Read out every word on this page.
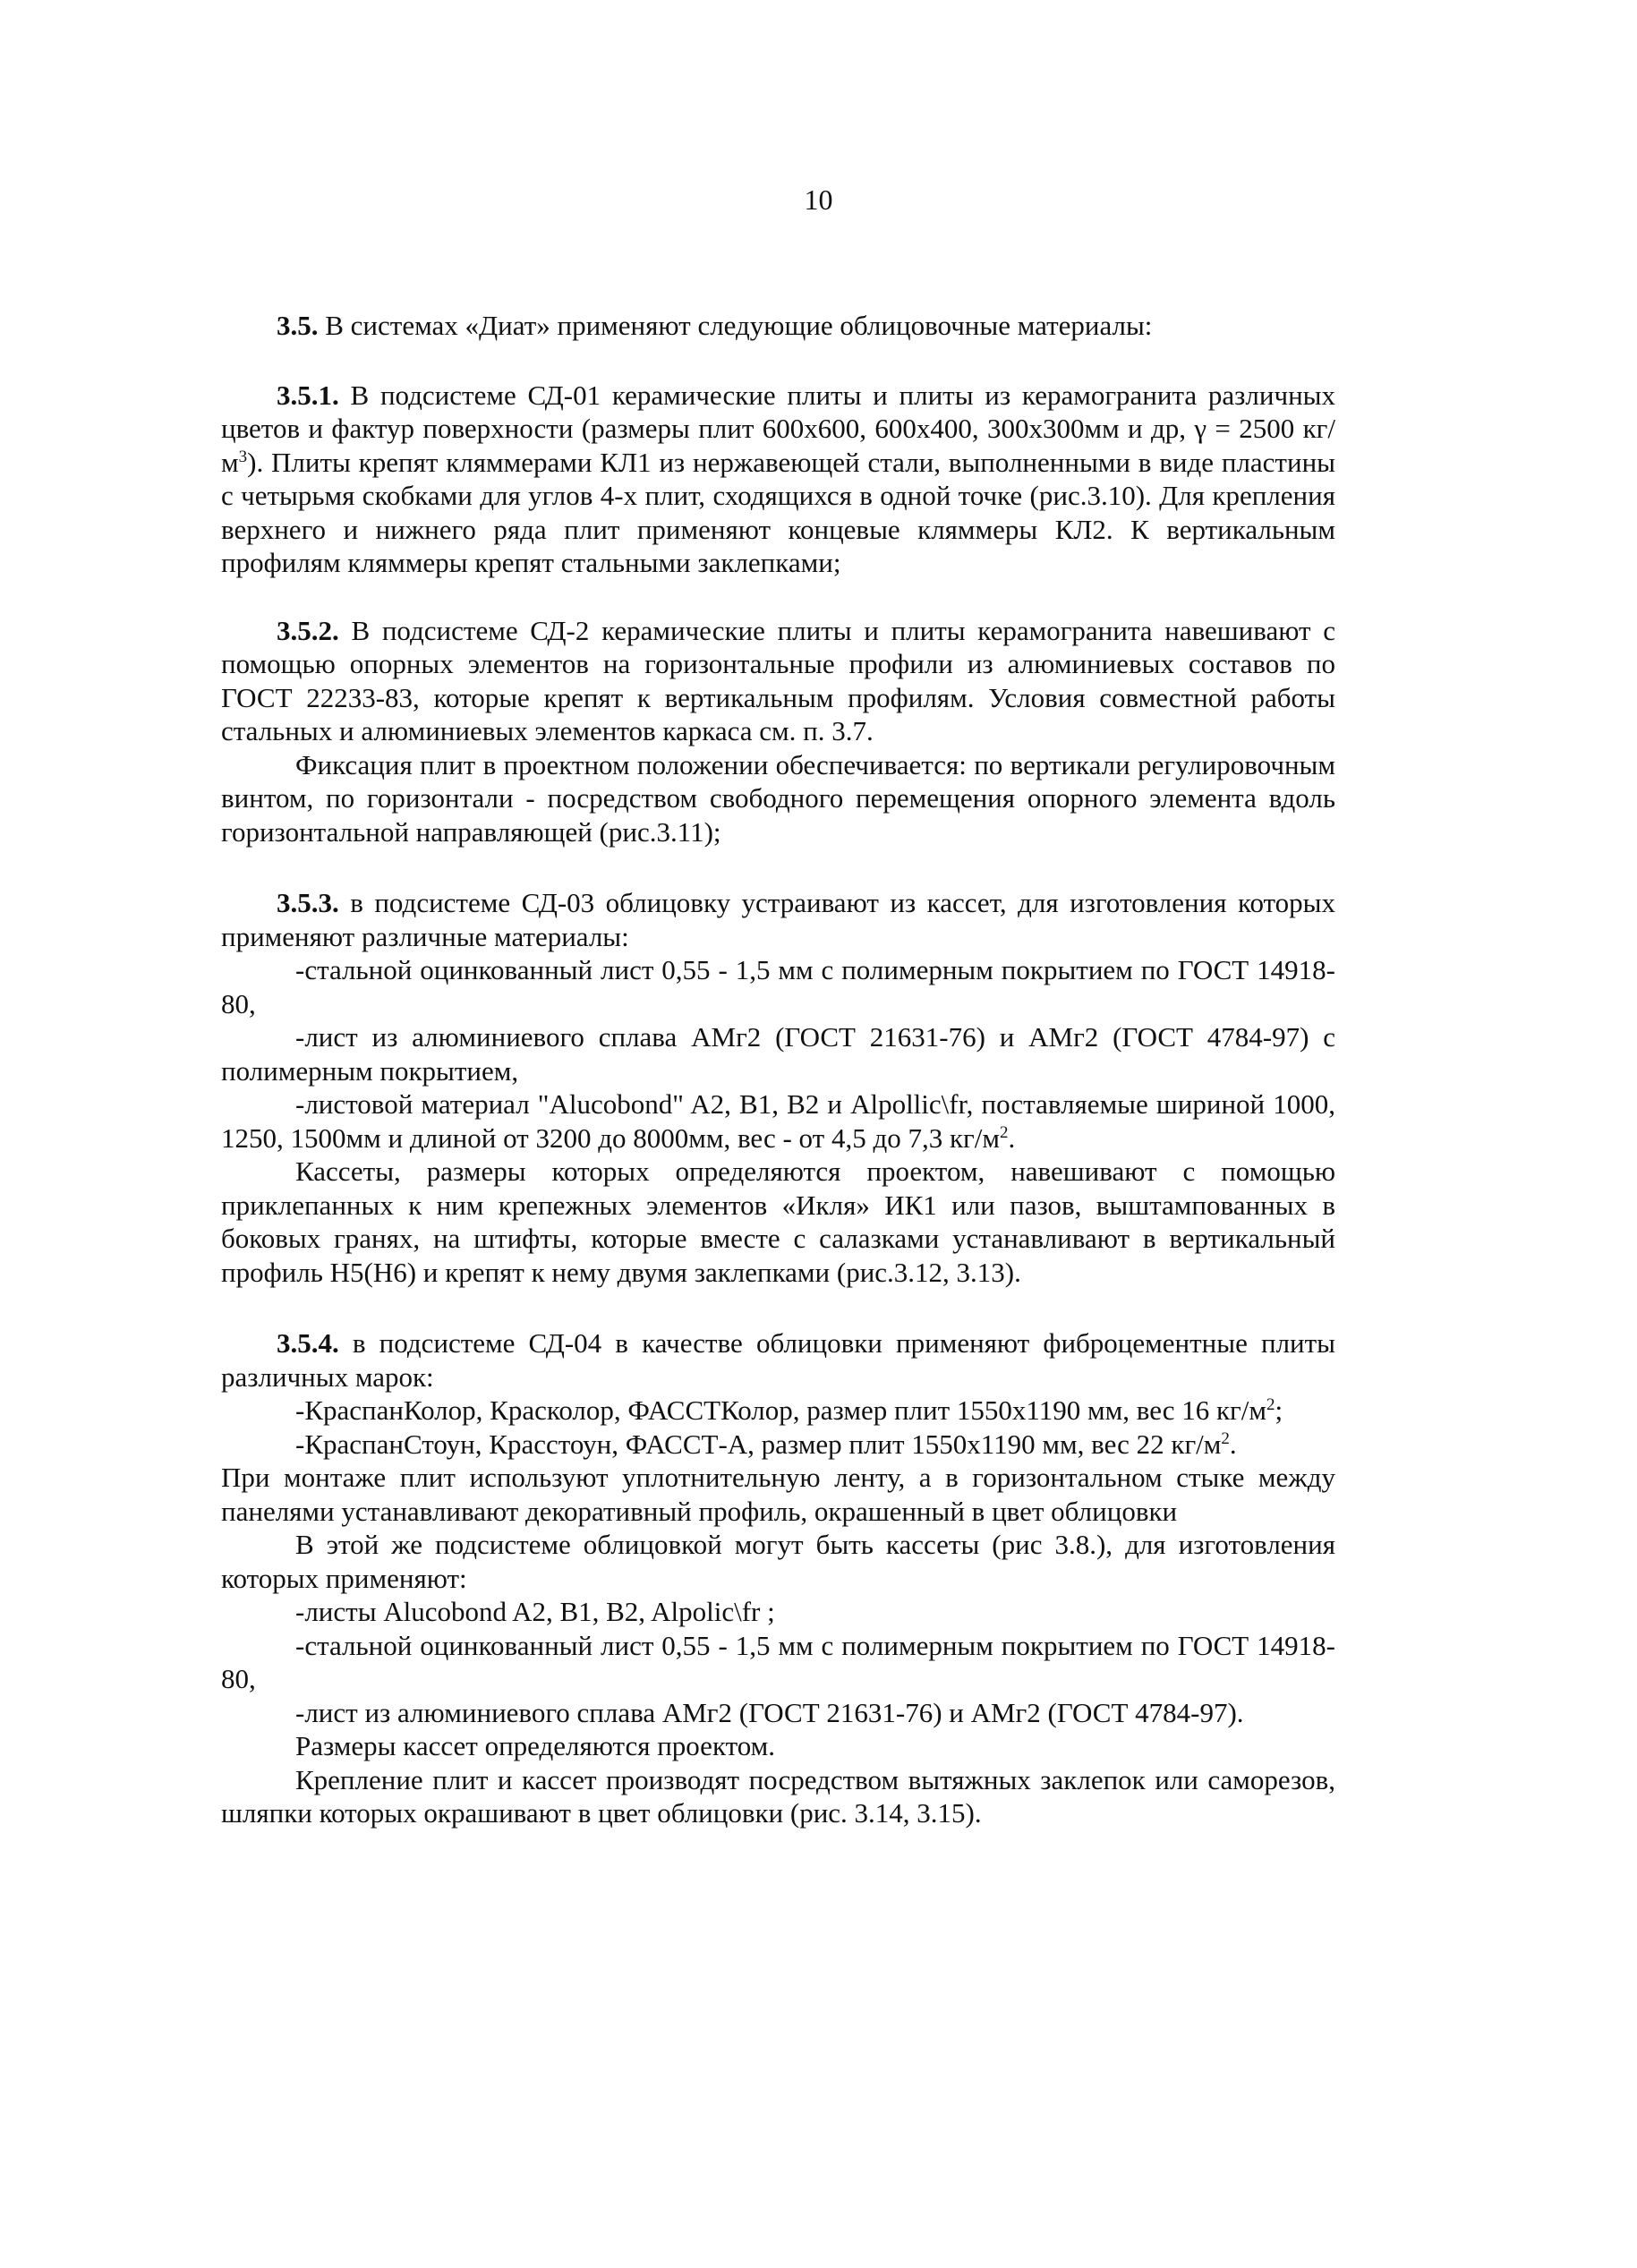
10

3.5. В системах «Диат» применяют следующие облицовочные материалы:

3.5.1. В подсистеме СД-01 керамические плиты и плиты из керамогранита различных цветов и фактур поверхности (размеры плит 600x600, 600x400, 300x300мм и др, γ = 2500 $кг/м^3$). Плиты крепят кляммерами КЛ1 из нержавеющей стали, выполненными в виде пластины с четырьмя скобками для углов 4-х плит, сходящихся в одной точке (рис.3.10). Для крепления верхнего и нижнего ряда плит применяют концевые кляммеры КЛ2. К вертикальным профилям кляммеры крепят стальными заклепками;

3.5.2. В подсистеме СД-2 керамические плиты и плиты керамогранита навешивают с помощью опорных элементов на горизонтальные профили из алюминиевых составов по ГОСТ 22233-83, которые крепят к вертикальным профилям. Условия совместной работы стальных и алюминиевых элементов каркаса см. п. 3.7.

Фиксация плит в проектном положении обеспечивается: по вертикали регулировочным винтом, по горизонтали - посредством свободного перемещения опорного элемента вдоль горизонтальной направляющей (рис.3.11);

3.5.3. в подсистеме СД-03 облицовку устраивают из кассет, для изготовления которых применяют различные материалы:

-стальной оцинкованный лист 0,55 - 1,5 мм с полимерным покрытием по ГОСТ 14918-80,

-лист из алюминиевого сплава АМг2 (ГОСТ 21631-76) и АМг2 (ГОСТ 4784-97) с полимерным покрытием,

-листовой материал "Alucobond" A2, B1, B2 и Alpollic\fr, поставляемые шириной 1000, 1250, 1500мм и длиной от 3200 до 8000мм, вес - от 4,5 до 7,3 $кг/м^2$.

Кассеты, размеры которых определяются проектом, навешивают с помощью приклепанных к ним крепежных элементов «Икля» ИК1 или пазов, выштампованных в боковых гранях, на штифты, которые вместе с салазками устанавливают в вертикальный профиль Н5(Н6) и крепят к нему двумя заклепками (рис.3.12, 3.13).

3.5.4. в подсистеме СД-04 в качестве облицовки применяют фиброцементные плиты различных марок:

-КраспанКолор, Красколор, ФАССТКолор, размер плит 1550x1190 мм, вес 16 $кг/м^2$;

-КраспанСтоун, Красстоун, ФАССТ-А, размер плит 1550x1190 мм, вес 22 $кг/м^2$.

При монтаже плит используют уплотнительную ленту, а в горизонтальном стыке между панелями устанавливают декоративный профиль, окрашенный в цвет облицовки

В этой же подсистеме облицовкой могут быть кассеты (рис 3.8.), для изготовления которых применяют:

-листы Alucobond A2, B1, B2, Alpolic\fr ;

-стальной оцинкованный лист 0,55 - 1,5 мм с полимерным покрытием по ГОСТ 14918-80,

-лист из алюминиевого сплава АМг2 (ГОСТ 21631-76) и АМг2 (ГОСТ 4784-97).

Размеры кассет определяются проектом.

Крепление плит и кассет производят посредством вытяжных заклепок или саморезов, шляпки которых окрашивают в цвет облицовки (рис. 3.14, 3.15).
